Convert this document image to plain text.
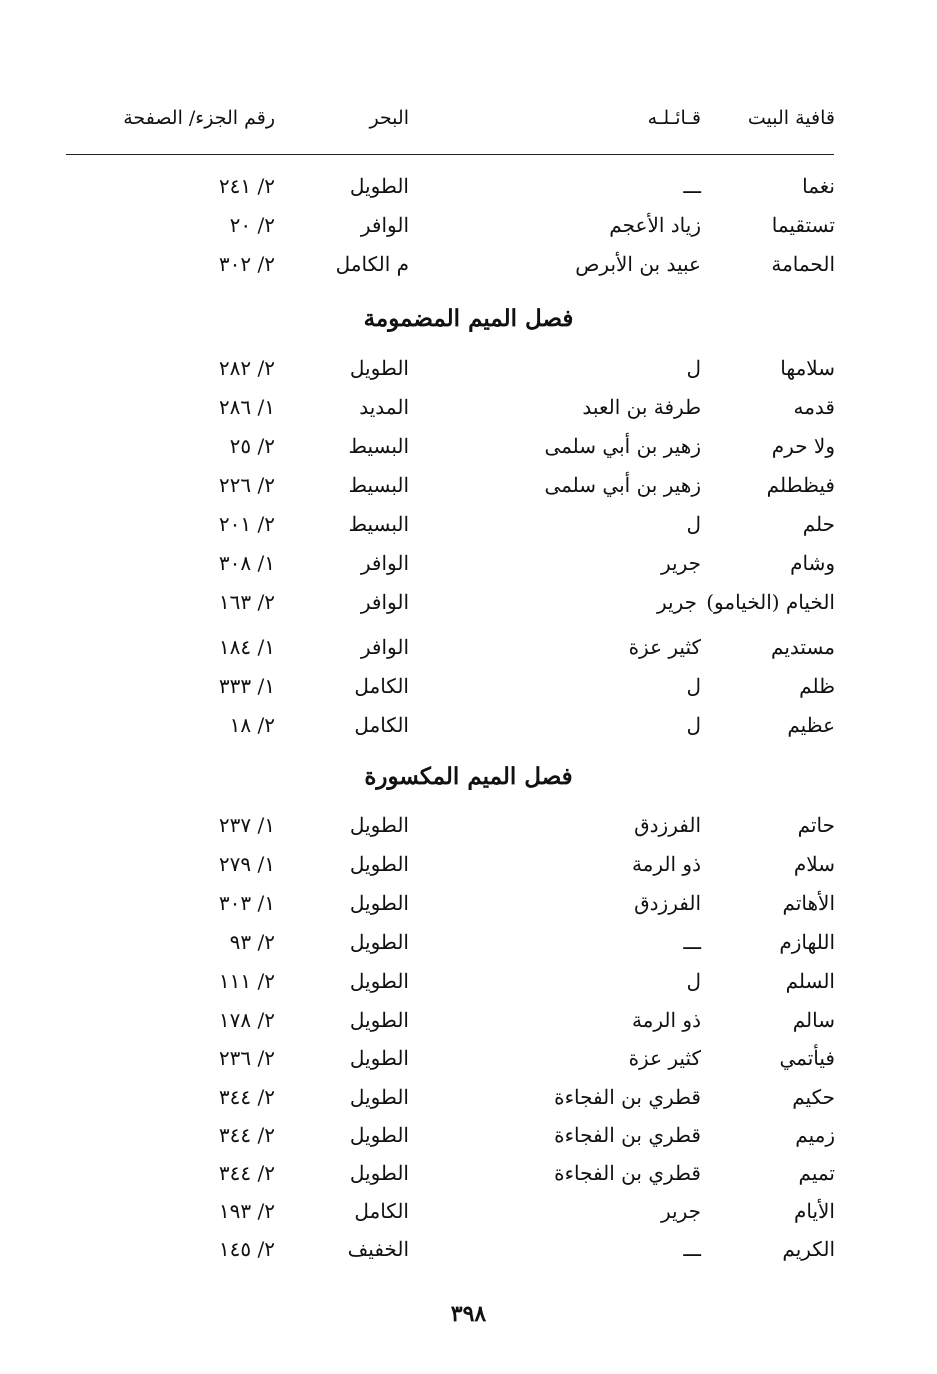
قافية البيت
قـائـلـه
البحر
رقم الجزء/ الصفحة
نغما
ـــ
الطويل
٢/ ٢٤١
تستقيما
زياد الأعجم
الوافر
٢/ ٢٠
الحمامة
عبيد بن الأبرص
م الكامل
٢/ ٣٠٢
فصل الميم المضمومة
سلامها
ل
الطويل
٢/ ٢٨٢
قدمه
طرفة بن العبد
المديد
١/ ٢٨٦
ولا حرم
زهير بن أبي سلمى
البسيط
٢/ ٢٥
فيظطلم
زهير بن أبي سلمى
البسيط
٢/ ٢٢٦
حلم
ل
البسيط
٢/ ٢٠١
وشام
جرير
الوافر
١/ ٣٠٨
الخيام (الخيامو)
جرير
الوافر
٢/ ١٦٣
مستديم
كثير عزة
الوافر
١/ ١٨٤
ظلم
ل
الكامل
١/ ٣٣٣
عظيم
ل
الكامل
٢/ ١٨
فصل الميم المكسورة
حاتم
الفرزدق
الطويل
١/ ٢٣٧
سلام
ذو الرمة
الطويل
١/ ٢٧٩
الأهاتم
الفرزدق
الطويل
١/ ٣٠٣
اللهازم
ـــ
الطويل
٢/ ٩٣
السلم
ل
الطويل
٢/ ١١١
سالم
ذو الرمة
الطويل
٢/ ١٧٨
فيأتمي
كثير عزة
الطويل
٢/ ٢٣٦
حكيم
قطري بن الفجاءة
الطويل
٢/ ٣٤٤
زميم
قطري بن الفجاءة
الطويل
٢/ ٣٤٤
تميم
قطري بن الفجاءة
الطويل
٢/ ٣٤٤
الأيام
جرير
الكامل
٢/ ١٩٣
الكريم
ـــ
الخفيف
٢/ ١٤٥
٣٩٨
